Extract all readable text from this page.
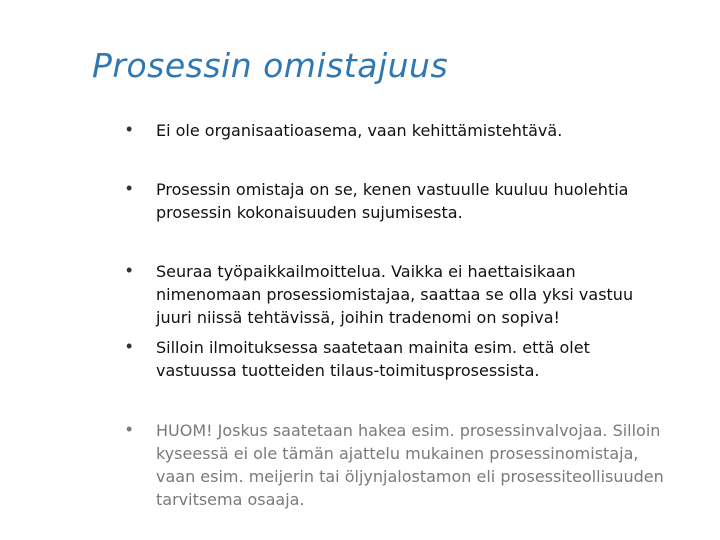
Prosessin omistajuus
• Ei ole organisaatioasema, vaan kehittämistehtävä.
• Prosessin omistaja on se, kenen vastuulle kuuluu huolehtia
prosessin kokonaisuuden sujumisesta.
• Seuraa työpaikkailmoittelua. Vaikka ei haettaisikaan
nimenomaan prosessiomistajaa, saattaa se olla yksi vastuu
juuri niissä tehtävissä, joihin tradenomi on sopiva!
• Silloin ilmoituksessa saatetaan mainita esim. että olet
vastuussa tuotteiden tilaus-toimitusprosessista.
• HUOM! Joskus saatetaan hakea esim. prosessinvalvojaa. Silloin
kyseessä ei ole tämän ajattelu mukainen prosessinomistaja,
vaan esim. meijerin tai öljynjalostamon eli prosessiteollisuuden
tarvitsema osaaja.
